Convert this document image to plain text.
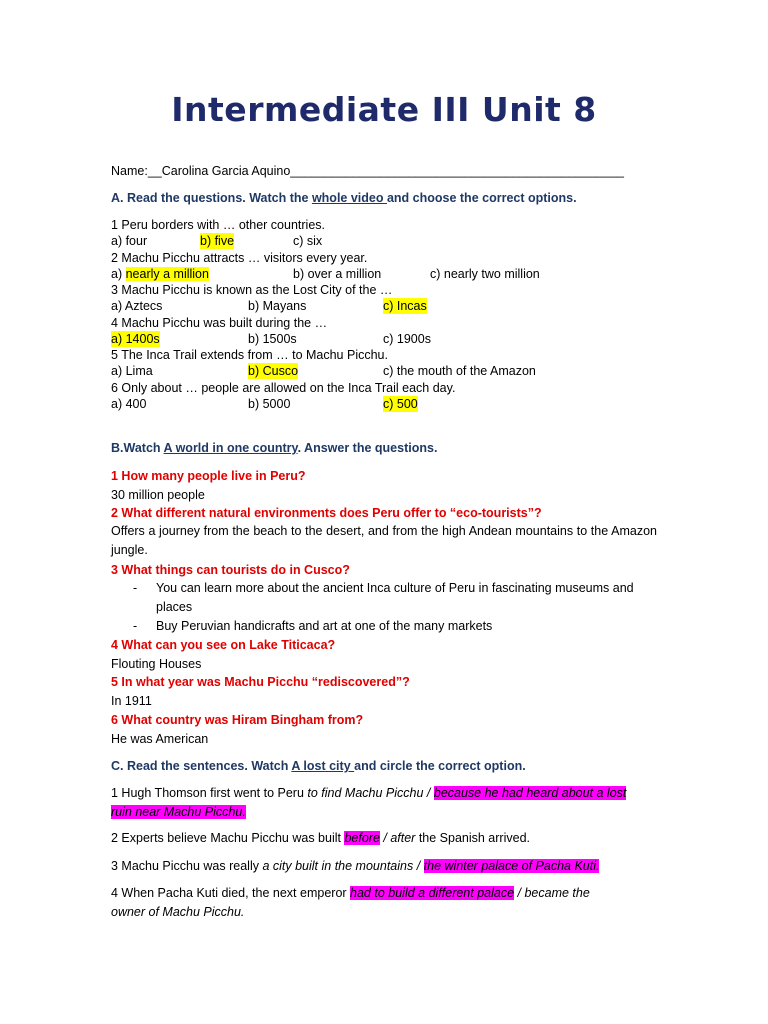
Intermediate III Unit 8
Name:__Carolina Garcia Aquino________________________________________________
A. Read the questions. Watch the whole video and choose the correct options.
1 Peru borders with … other countries.
a) four	b) five	c) six
2 Machu Picchu attracts … visitors every year.
a) nearly a million	b) over a million	c) nearly two million
3 Machu Picchu is known as the Lost City of the …
a) Aztecs	b) Mayans	c) Incas
4 Machu Picchu was built during the …
a) 1400s	b) 1500s	c) 1900s
5 The Inca Trail extends from … to Machu Picchu.
a) Lima	b) Cusco	c) the mouth of the Amazon
6 Only about … people are allowed on the Inca Trail each day.
a) 400	b) 5000	c) 500
B.Watch A world in one country. Answer the questions.
1 How many people live in Peru?
30 million people
2 What different natural environments does Peru offer to “eco-tourists”?
Offers a journey from the beach to the desert, and from the high Andean mountains to the Amazon jungle.
3 What things can tourists do in Cusco?
- You can learn more about the ancient Inca culture of Peru in fascinating museums and places
- Buy Peruvian handicrafts and art at one of the many markets
4 What can you see on Lake Titicaca?
Flouting Houses
5 In what year was Machu Picchu “rediscovered”?
In 1911
6 What country was Hiram Bingham from?
He was American
C. Read the sentences. Watch A lost city and circle the correct option.
1 Hugh Thomson first went to Peru to find Machu Picchu / because he had heard about a lost
ruin near Machu Picchu.
2 Experts believe Machu Picchu was built before / after the Spanish arrived.
3 Machu Picchu was really a city built in the mountains / the winter palace of Pacha Kuti.
4 When Pacha Kuti died, the next emperor had to build a different palace / became the
owner of Machu Picchu.
